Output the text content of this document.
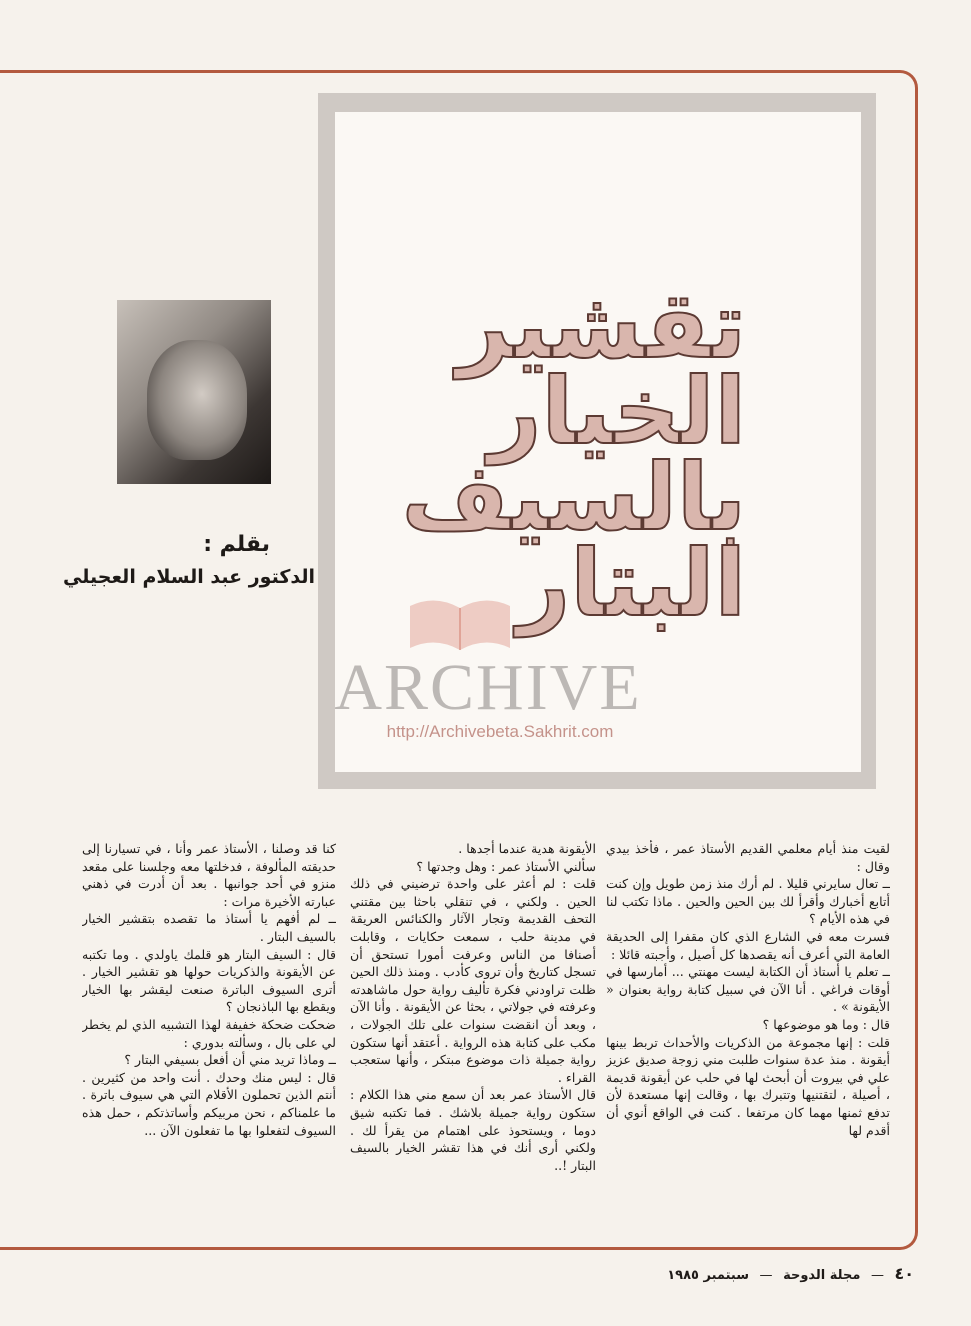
تقشير
الخيار
بالسيف
البتار
بقلم :
الدكتور عبد السلام العجيلي
ARCHIVE
http://Archivebeta.Sakhrit.com

لقيت منذ أيام معلمي القديم الأستاذ عمر ، فأخذ بيدي وقال :

ــ تعال سايرني قليلا . لم أرك منذ زمن طويل وإن كنت أتابع أخبارك وأقرأ لك بين الحين والحين . ماذا تكتب لنا في هذه الأيام ؟

فسرت معه في الشارع الذي كان مقفرا إلى الحديقة العامة التي أعرف أنه يقصدها كل أصيل ، وأجبته قائلا :

ــ تعلم يا أستاذ أن الكتابة ليست مهنتي ... أمارسها في أوقات فراغي . أنا الآن في سبيل كتابة رواية بعنوان « الأيقونة » .

قال : وما هو موضوعها ؟

قلت : إنها مجموعة من الذكريات والأحداث تربط بينها أيقونة . منذ عدة سنوات طلبت مني زوجة صديق عزيز علي في بيروت أن أبحث لها في حلب عن أيقونة قديمة ، أصيلة ، لتقتنيها وتتبرك بها ، وقالت إنها مستعدة لأن تدفع ثمنها مهما كان مرتفعا . كنت في الواقع أنوي أن أقدم لها

الأيقونة هدية عندما أجدها .

سألني الأستاذ عمر : وهل وجدتها ؟

قلت : لم أعثر على واحدة ترضيني في ذلك الحين . ولكني ، في تنقلي باحثا بين مقتني التحف القديمة وتجار الآثار والكنائس العريقة في مدينة حلب ، سمعت حكايات ، وقابلت أصنافا من الناس وعرفت أمورا تستحق أن تسجل كتاريخ وأن تروى كأدب . ومنذ ذلك الحين ظلت تراودني فكرة تأليف رواية حول ماشاهدته وعرفته في جولاتي ، بحثا عن الأيقونة . وأنا الآن ، وبعد أن انقضت سنوات على تلك الجولات ، مكب على كتابة هذه الرواية . أعتقد أنها ستكون رواية جميلة ذات موضوع مبتكر ، وأنها ستعجب القراء .

قال الأستاذ عمر بعد أن سمع مني هذا الكلام : ستكون رواية جميلة بلاشك . فما تكتبه شيق دوما ، ويستحوذ على اهتمام من يقرأ لك . ولكني أرى أنك في هذا تقشر الخيار بالسيف البتار !..

كنا قد وصلنا ، الأستاذ عمر وأنا ، في تسيارنا إلى حديقته المألوفة ، فدخلتها معه وجلسنا على مقعد منزو في أحد جوانبها . بعد أن أدرت في ذهني عبارته الأخيرة مرات :

ــ لم أفهم يا أستاذ ما تقصده بتقشير الخيار بالسيف البتار .

قال : السيف البتار هو قلمك ياولدي . وما تكتبه عن الأيقونة والذكريات حولها هو تقشير الخيار . أترى السيوف الباترة صنعت ليقشر بها الخيار ويقطع بها الباذنجان ؟

ضحكت ضحكة خفيفة لهذا التشبيه الذي لم يخطر لي على بال ، وسألته بدوري :

ــ وماذا تريد مني أن أفعل بسيفي البتار ؟

قال : ليس منك وحدك . أنت واحد من كثيرين . أنتم الذين تحملون الأقلام التي هي سيوف باترة . ما علمناكم ، نحن مربيكم وأساتذتكم ، حمل هذه السيوف لتفعلوا بها ما تفعلون الآن ...

٤٠ — مجلة الدوحة — سبتمبر ١٩٨٥
